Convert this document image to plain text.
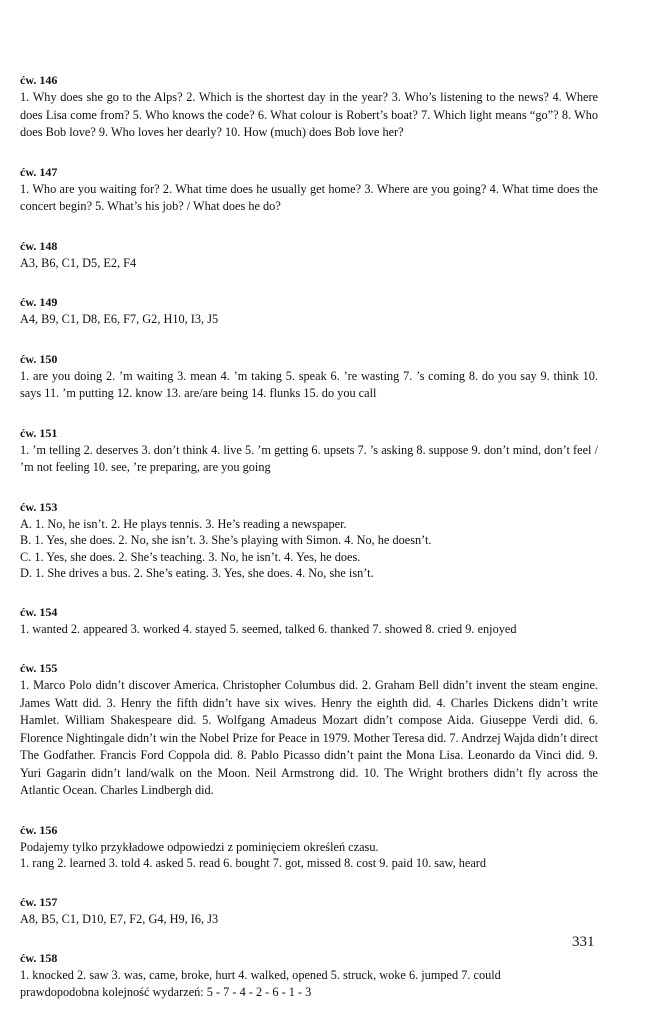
ćw. 146
1. Why does she go to the Alps? 2. Which is the shortest day in the year? 3. Who’s listening to the news? 4. Where does Lisa come from? 5. Who knows the code? 6. What colour is Robert’s boat? 7. Which light means “go”? 8. Who does Bob love? 9. Who loves her dearly? 10. How (much) does Bob love her?
ćw. 147
1. Who are you waiting for? 2. What time does he usually get home? 3. Where are you going? 4. What time does the concert begin? 5. What’s his job? / What does he do?
ćw. 148
A3, B6, C1, D5, E2, F4
ćw. 149
A4, B9, C1, D8, E6, F7, G2, H10, I3, J5
ćw. 150
1. are you doing 2. ’m waiting 3. mean 4. ’m taking 5. speak 6. ’re wasting 7. ’s coming 8. do you say 9. think 10. says 11. ’m putting 12. know 13. are/are being 14. flunks 15. do you call
ćw. 151
1. ’m telling 2. deserves 3. don’t think 4. live 5. ’m getting 6. upsets 7. ’s asking 8. suppose 9. don’t mind, don’t feel / ’m not feeling 10. see, ’re preparing, are you going
ćw. 153
A. 1. No, he isn’t. 2. He plays tennis. 3. He’s reading a newspaper.
B. 1. Yes, she does. 2. No, she isn’t. 3. She’s playing with Simon. 4. No, he doesn’t.
C. 1. Yes, she does. 2. She’s teaching. 3. No, he isn’t. 4. Yes, he does.
D. 1. She drives a bus. 2. She’s eating. 3. Yes, she does. 4. No, she isn’t.
ćw. 154
1. wanted 2. appeared 3. worked 4. stayed 5. seemed, talked 6. thanked 7. showed 8. cried 9. enjoyed
ćw. 155
1. Marco Polo didn’t discover America. Christopher Columbus did. 2. Graham Bell didn’t invent the steam engine. James Watt did. 3. Henry the fifth didn’t have six wives. Henry the eighth did. 4. Charles Dickens didn’t write Hamlet. William Shakespeare did. 5. Wolfgang Amadeus Mozart didn’t compose Aida. Giuseppe Verdi did. 6. Florence Nightingale didn’t win the Nobel Prize for Peace in 1979. Mother Teresa did. 7. Andrzej Wajda didn’t direct The Godfather. Francis Ford Coppola did. 8. Pablo Picasso didn’t paint the Mona Lisa. Leonardo da Vinci did. 9. Yuri Gagarin didn’t land/walk on the Moon. Neil Armstrong did. 10. The Wright brothers didn’t fly across the Atlantic Ocean. Charles Lindbergh did.
ćw. 156
Podajemy tylko przykładowe odpowiedzi z pominięciem określeń czasu.
1. rang 2. learned 3. told 4. asked 5. read 6. bought 7. got, missed 8. cost 9. paid 10. saw, heard
ćw. 157
A8, B5, C1, D10, E7, F2, G4, H9, I6, J3
ćw. 158
1. knocked 2. saw 3. was, came, broke, hurt 4. walked, opened 5. struck, woke 6. jumped 7. could
prawdopodobna kolejność wydarzeń: 5 - 7 - 4 - 2 - 6 - 1 - 3
331
